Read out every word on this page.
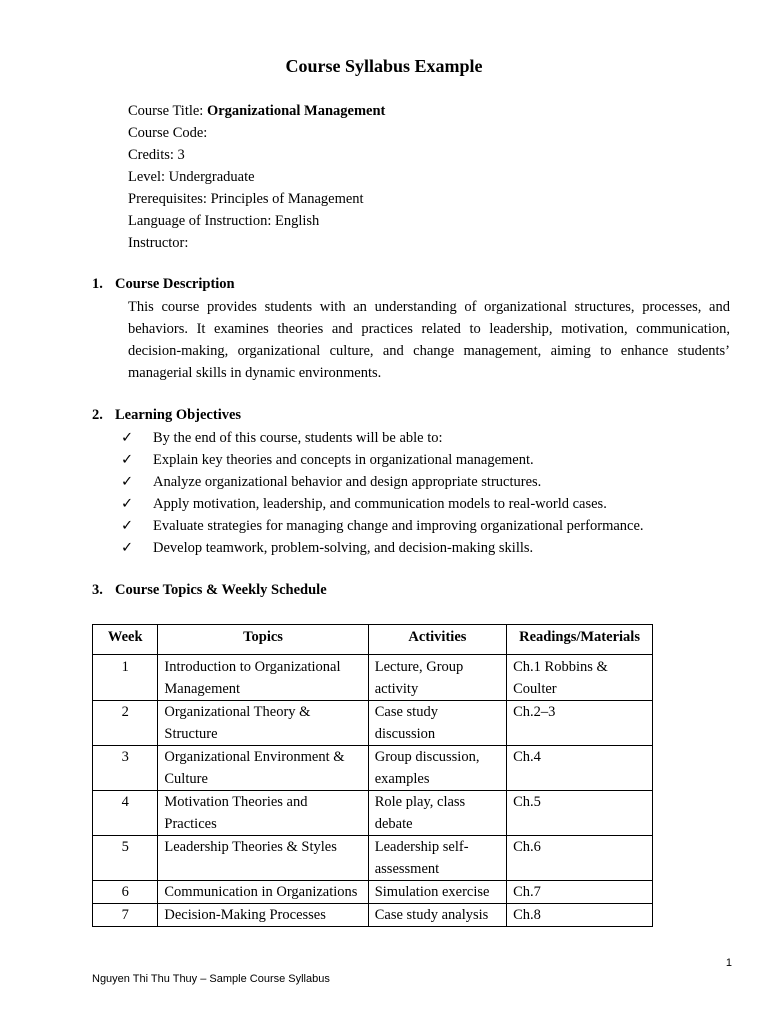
Course Syllabus Example
Course Title: Organizational Management
Course Code:
Credits: 3
Level: Undergraduate
Prerequisites: Principles of Management
Language of Instruction: English
Instructor:
1. Course Description

This course provides students with an understanding of organizational structures, processes, and behaviors. It examines theories and practices related to leadership, motivation, communication, decision-making, organizational culture, and change management, aiming to enhance students’ managerial skills in dynamic environments.

2. Learning Objectives
✓	By the end of this course, students will be able to:
✓	Explain key theories and concepts in organizational management.
✓	Analyze organizational behavior and design appropriate structures.
✓	Apply motivation, leadership, and communication models to real-world cases.
✓	Evaluate strategies for managing change and improving organizational performance.
✓	Develop teamwork, problem-solving, and decision-making skills.
3. Course Topics & Weekly Schedule
Week	Topics	Activities	Readings/Materials
1	Introduction to Organizational Management	Lecture, Group activity	Ch.1 Robbins & Coulter
2	Organizational Theory & Structure	Case study discussion	Ch.2–3
3	Organizational Environment & Culture	Group discussion, examples	Ch.4
4	Motivation Theories and Practices	Role play, class debate	Ch.5
5	Leadership Theories & Styles	Leadership self-assessment	Ch.6
6	Communication in Organizations	Simulation exercise	Ch.7
7	Decision-Making Processes	Case study analysis	Ch.8
1
Nguyen Thi Thu Thuy – Sample Course Syllabus
